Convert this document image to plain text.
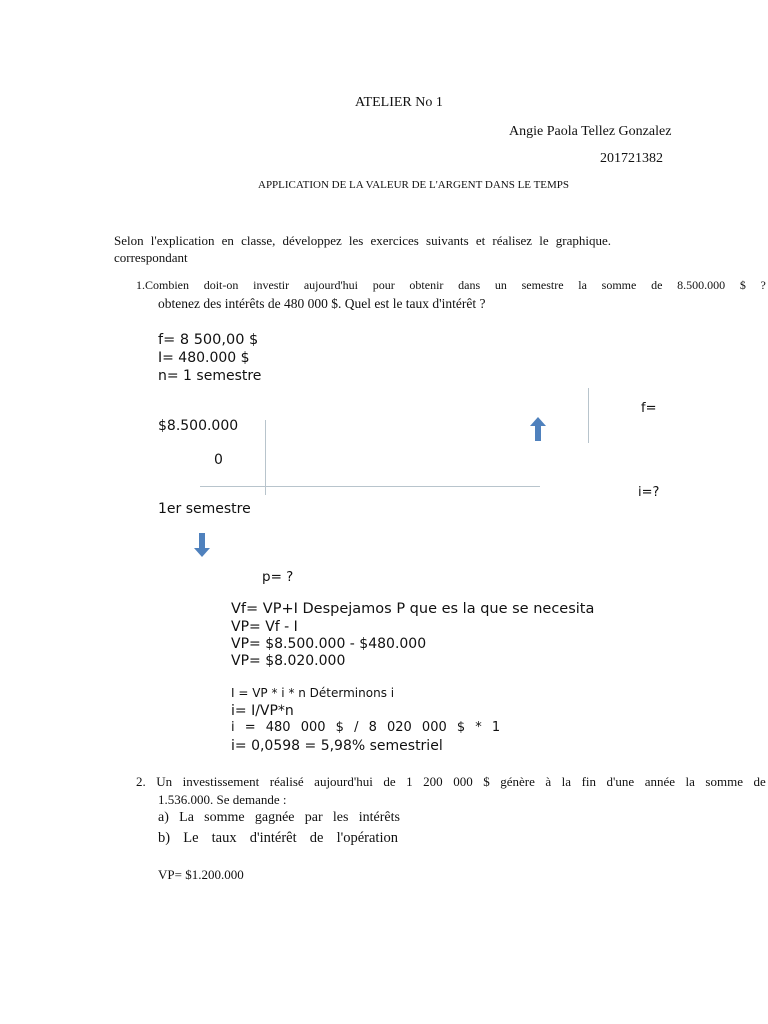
ATELIER No 1
Angie Paola Tellez Gonzalez
201721382
APPLICATION DE LA VALEUR DE L'ARGENT DANS LE TEMPS
Selon l'explication en classe, développez les exercices suivants et réalisez le graphique.
correspondant
1.Combien doit-on investir aujourd'hui pour obtenir dans un semestre la somme de 8.500.000 $ ?
obtenez des intérêts de 480 000 $. Quel est le taux d'intérêt ?
f= 8 500,00 $
I= 480.000 $
n= 1 semestre
f=
$8.500.000
0
i=?
1er semestre
p= ?
Vf= VP+I Despejamos P que es la que se necesita
VP= Vf - I
VP= $8.500.000 - $480.000
VP= $8.020.000
I = VP * i * n Déterminons i
i= I/VP*n
i = 480 000 $ / 8 020 000 $ * 1
i= 0,0598 = 5,98% semestriel
2. Un investissement réalisé aujourd'hui de 1 200 000 $ génère à la fin d'une année la somme de
1.536.000. Se demande :
a) La somme gagnée par les intérêts
b) Le taux d'intérêt de l'opération
VP= $1.200.000
